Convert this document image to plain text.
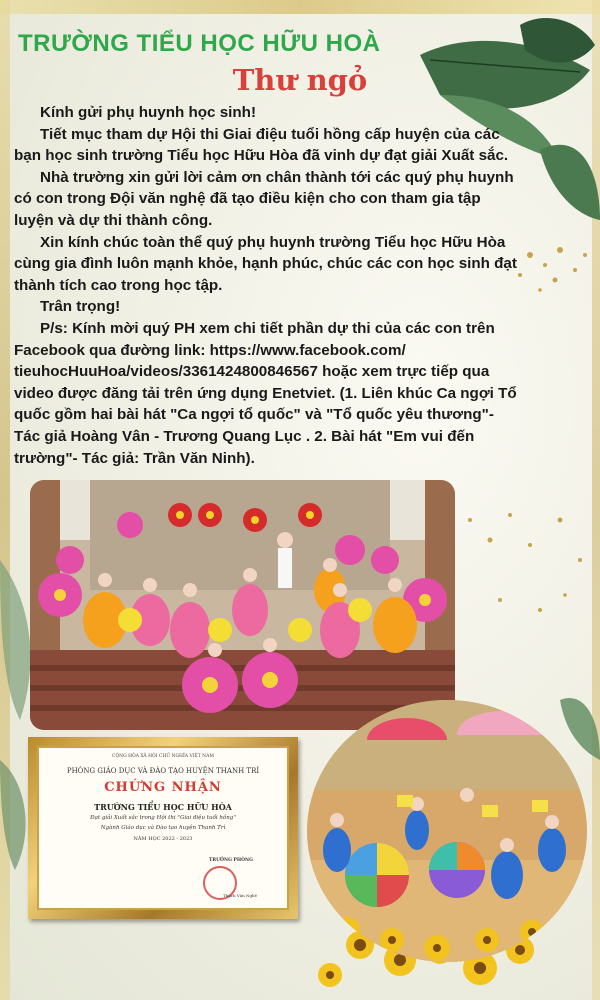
TRƯỜNG TIỂU HỌC HỮU HOÀ
Thư ngỏ

Kính gửi phụ huynh học sinh!

Tiết mục tham dự Hội thi Giai điệu tuổi hồng cấp huyện của các bạn học sinh trường Tiểu học Hữu Hòa đã vinh dự đạt giải Xuất sắc.

Nhà trường xin gửi lời cảm ơn chân thành tới các quý phụ huynh có con trong Đội văn nghệ đã tạo điều kiện cho con tham gia tập luyện và dự thi thành công.

Xin kính chúc toàn thể quý phụ huynh trường Tiểu học Hữu Hòa cùng gia đình luôn mạnh khỏe, hạnh phúc, chúc các con học sinh đạt thành tích cao trong học tập.

Trân trọng!

P/s: Kính mời quý PH xem chi tiết phần dự thi của các con trên Facebook qua đường link: https://www.facebook.com/ tieuhocHuuHoa/videos/3361424800846567 hoặc xem trực tiếp qua video được đăng tải trên ứng dụng Enetviet. (1. Liên khúc Ca ngợi Tổ quốc gồm hai bài hát "Ca ngợi tổ quốc" và "Tổ quốc yêu thương"- Tác giả Hoàng Vân - Trương Quang Lục . 2. Bài hát "Em vui đến trường"- Tác giả: Trần Văn Ninh).

CỘNG HÒA XÃ HỘI CHỦ NGHĨA VIỆT NAM
PHÒNG GIÁO DỤC VÀ ĐÀO TẠO HUYỆN THANH TRÌ
CHỨNG NHẬN
TRƯỜNG TIỂU HỌC HỮU HÒA
Đạt giải Xuất sắc trong Hội thi "Giai điệu tuổi hồng"
Ngành Giáo dục và Đào tạo huyện Thanh Trì
NĂM HỌC 2022 - 2023
TRƯỞNG PHÒNG
Thạch Văn Nghê
